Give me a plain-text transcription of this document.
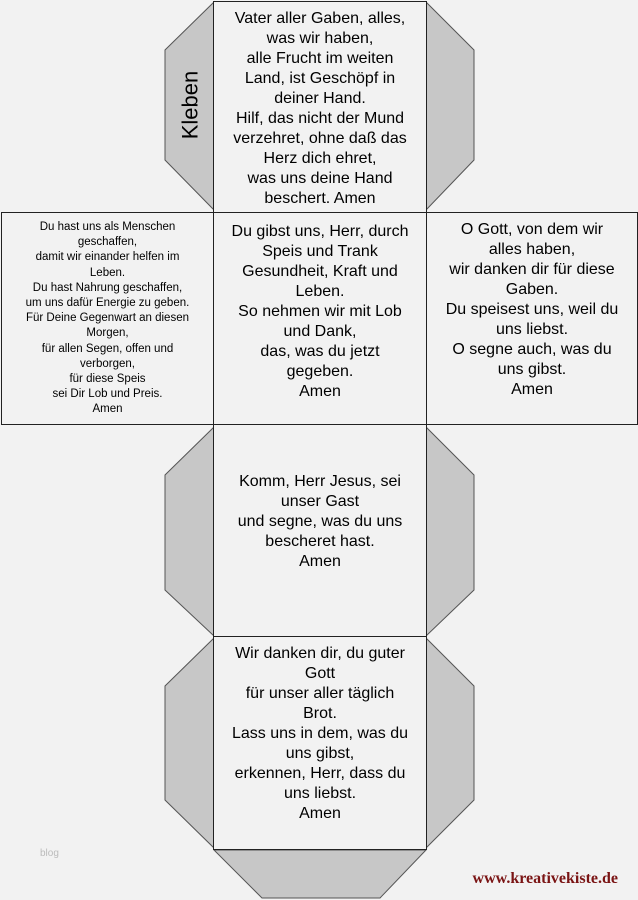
Kleben
Vater aller Gaben, alles,
was wir haben,
alle Frucht im weiten
Land, ist Geschöpf in
deiner Hand.
Hilf, das nicht der Mund
verzehret, ohne daß das
Herz dich ehret,
was uns deine Hand
beschert. Amen
Du hast uns als Menschen
geschaffen,
damit wir einander helfen im
Leben.
Du hast Nahrung geschaffen,
um uns dafür Energie zu geben.
Für Deine Gegenwart an diesen
Morgen,
für allen Segen, offen und
verborgen,
für diese Speis
sei Dir Lob und Preis.
Amen
Du gibst uns, Herr, durch
Speis und Trank
Gesundheit, Kraft und
Leben.
So nehmen wir mit Lob
und Dank,
das, was du jetzt
gegeben.
Amen
O Gott, von dem wir
alles haben,
wir danken dir für diese
Gaben.
Du speisest uns, weil du
uns liebst.
O segne auch, was du
uns gibst.
Amen
Komm, Herr Jesus, sei
unser Gast
und segne, was du uns
bescheret hast.
Amen
Wir danken dir, du guter
Gott
für unser aller täglich
Brot.
Lass uns in dem, was du
uns gibst,
erkennen, Herr, dass du
uns liebst.
Amen
blog
www.kreativekiste.de
